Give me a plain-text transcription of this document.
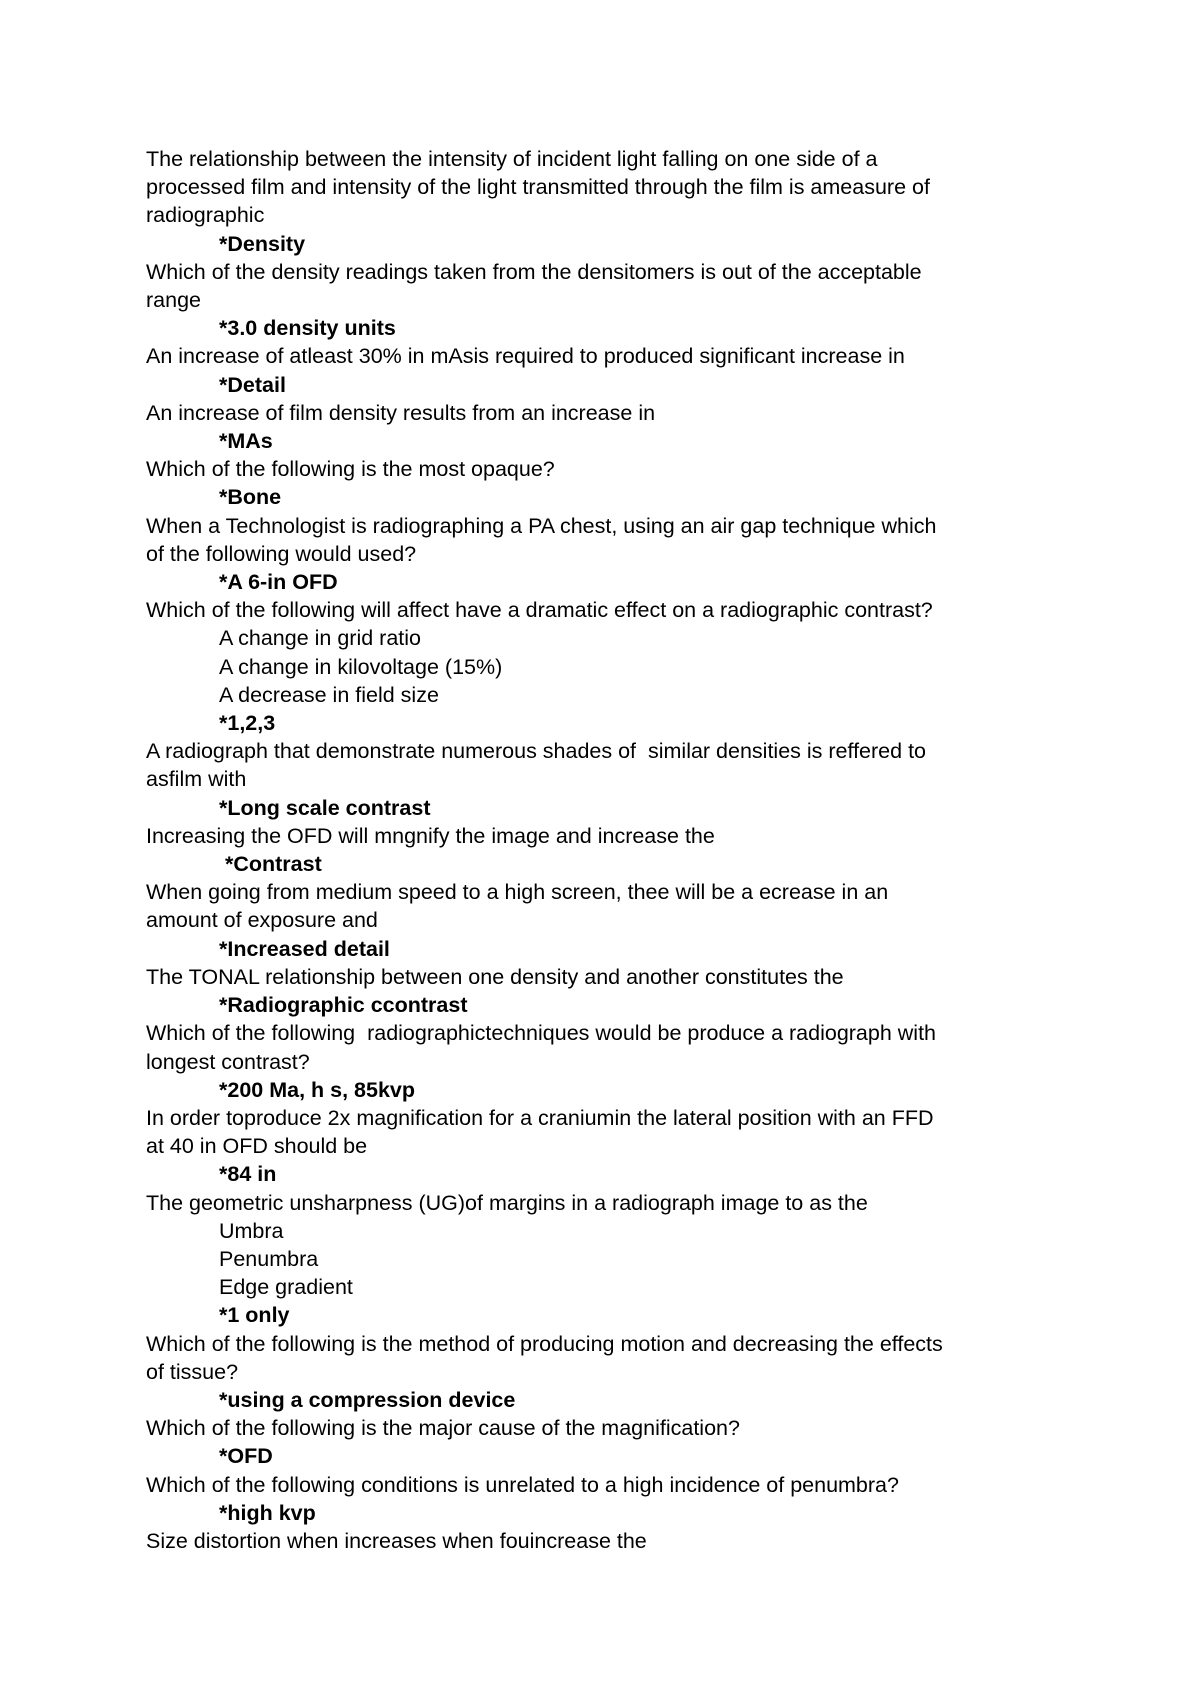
The relationship between the intensity of incident light falling on one side of a

processed film and intensity of the light transmitted through the film is ameasure of

radiographic

*Density

Which of the density readings taken from the densitomers is out of the acceptable

range

*3.0 density units

An increase of atleast 30% in mAsis required to produced significant increase in

*Detail

An increase of film density results from an increase in

*MAs

Which of the following is the most opaque?

*Bone

When a Technologist is radiographing a PA chest, using an air gap technique which

of the following would used?

*A 6-in OFD

Which of the following will affect have a dramatic effect on a radiographic contrast?

A change in grid ratio

A change in kilovoltage (15%)

A decrease in field size

*1,2,3

A radiograph that demonstrate numerous shades of  similar densities is reffered to

asfilm with

*Long scale contrast

Increasing the OFD will mngnify the image and increase the

*Contrast

When going from medium speed to a high screen, thee will be a ecrease in an

amount of exposure and

*Increased detail

The TONAL relationship between one density and another constitutes the

*Radiographic ccontrast

Which of the following  radiographictechniques would be produce a radiograph with

longest contrast?

*200 Ma, h s, 85kvp

In order toproduce 2x magnification for a craniumin the lateral position with an FFD

at 40 in OFD should be

*84 in

The geometric unsharpness (UG)of margins in a radiograph image to as the

Umbra

Penumbra

Edge gradient

*1 only

Which of the following is the method of producing motion and decreasing the effects

of tissue?

*using a compression device

Which of the following is the major cause of the magnification?

*OFD

Which of the following conditions is unrelated to a high incidence of penumbra?

*high kvp

Size distortion when increases when fouincrease the
